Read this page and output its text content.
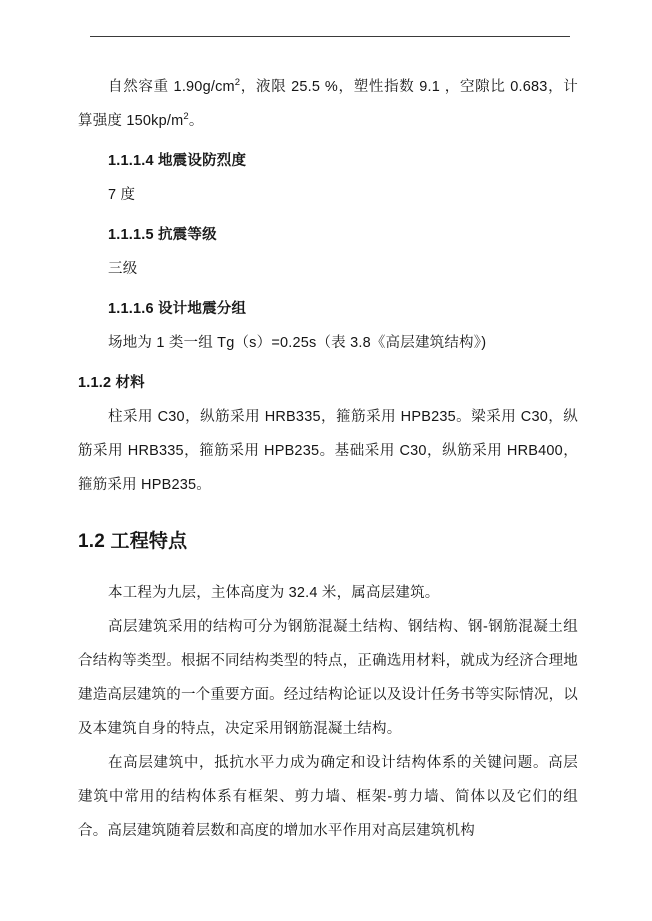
自然容重 $1.90g/cm^2$，液限 25.5 %，塑性指数 9.1 ，空隙比 0.683，计算强度 $150kp/m^2$。

1.1.1.4 地震设防烈度

7 度

1.1.1.5 抗震等级

三级

1.1.1.6 设计地震分组

场地为 1 类一组 Tg（s）=0.25s（表 3.8《高层建筑结构》)

1.1.2 材料

柱采用 C30，纵筋采用 HRB335，箍筋采用 HPB235。梁采用 C30，纵筋采用 HRB335，箍筋采用 HPB235。基础采用 C30，纵筋采用 HRB400，箍筋采用 HPB235。

1.2 工程特点

本工程为九层，主体高度为 32.4 米，属高层建筑。

高层建筑采用的结构可分为钢筋混凝土结构、钢结构、钢-钢筋混凝土组合结构等类型。根据不同结构类型的特点，正确选用材料，就成为经济合理地建造高层建筑的一个重要方面。经过结构论证以及设计任务书等实际情况，以及本建筑自身的特点，决定采用钢筋混凝土结构。

在高层建筑中，抵抗水平力成为确定和设计结构体系的关键问题。高层建筑中常用的结构体系有框架、剪力墙、框架-剪力墙、简体以及它们的组合。高层建筑随着层数和高度的增加水平作用对高层建筑机构
